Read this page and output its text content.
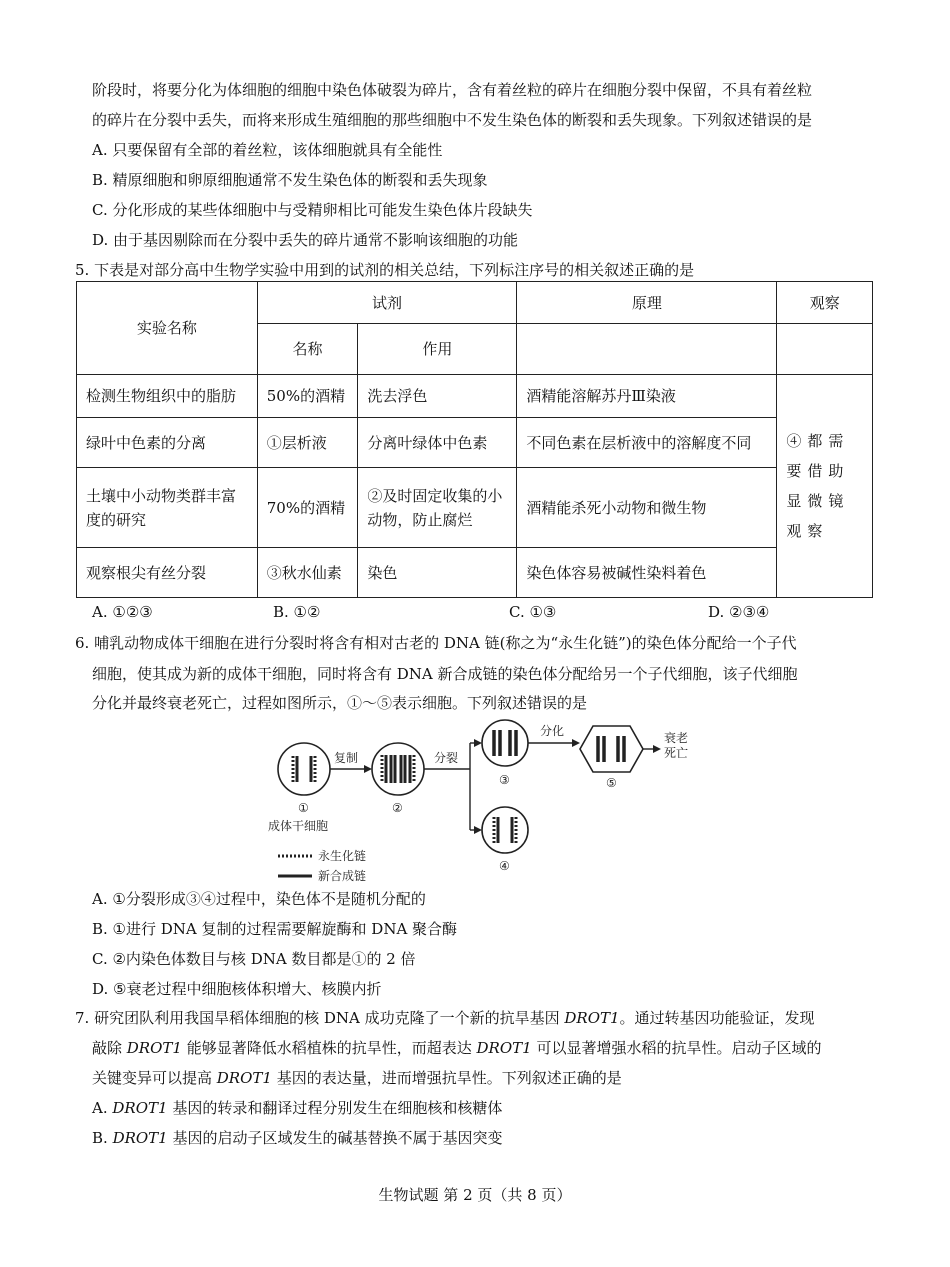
阶段时，将要分化为体细胞的细胞中染色体破裂为碎片，含有着丝粒的碎片在细胞分裂中保留，不具有着丝粒
的碎片在分裂中丢失，而将来形成生殖细胞的那些细胞中不发生染色体的断裂和丢失现象。下列叙述错误的是
A. 只要保留有全部的着丝粒，该体细胞就具有全能性
B. 精原细胞和卵原细胞通常不发生染色体的断裂和丢失现象
C. 分化形成的某些体细胞中与受精卵相比可能发生染色体片段缺失
D. 由于基因剔除而在分裂中丢失的碎片通常不影响该细胞的功能
5. 下表是对部分高中生物学实验中用到的试剂的相关总结，下列标注序号的相关叙述正确的是
实验名称	试剂		原理	观察
	名称	作用		
检测生物组织中的脂肪	50%的酒精	洗去浮色	酒精能溶解苏丹Ⅲ染液	④都需要借助显微镜观察
绿叶中色素的分离	①层析液	分离叶绿体中色素	不同色素在层析液中的溶解度不同	
土壤中小动物类群丰富度的研究	70%的酒精	②及时固定收集的小动物，防止腐烂	酒精能杀死小动物和微生物	
观察根尖有丝分裂	③秋水仙素	染色	染色体容易被碱性染料着色	
A. ①②③	B. ①②	C. ①③	D. ②③④
6. 哺乳动物成体干细胞在进行分裂时将含有相对古老的 DNA 链(称之为“永生化链”)的染色体分配给一个子代
细胞，使其成为新的成体干细胞，同时将含有 DNA 新合成链的染色体分配给另一个子代细胞，该子代细胞
分化并最终衰老死亡，过程如图所示，①～⑤表示细胞。下列叙述错误的是
复制	分裂
分化	衰老
死亡
①	②
③
④
⑤
成体干细胞
永生化链
新合成链
A. ①分裂形成③④过程中，染色体不是随机分配的
B. ①进行 DNA 复制的过程需要解旋酶和 DNA 聚合酶
C. ②内染色体数目与核 DNA 数目都是①的 2 倍
D. ⑤衰老过程中细胞核体积增大、核膜内折
7. 研究团队利用我国旱稻体细胞的核 DNA 成功克隆了一个新的抗旱基因 DROT1。通过转基因功能验证，发现
敲除 DROT1 能够显著降低水稻植株的抗旱性，而超表达 DROT1 可以显著增强水稻的抗旱性。启动子区域的
关键变异可以提高 DROT1 基因的表达量，进而增强抗旱性。下列叙述正确的是
A. DROT1 基因的转录和翻译过程分别发生在细胞核和核糖体
B. DROT1 基因的启动子区域发生的碱基替换不属于基因突变
生物试题 第 2 页（共 8 页）
